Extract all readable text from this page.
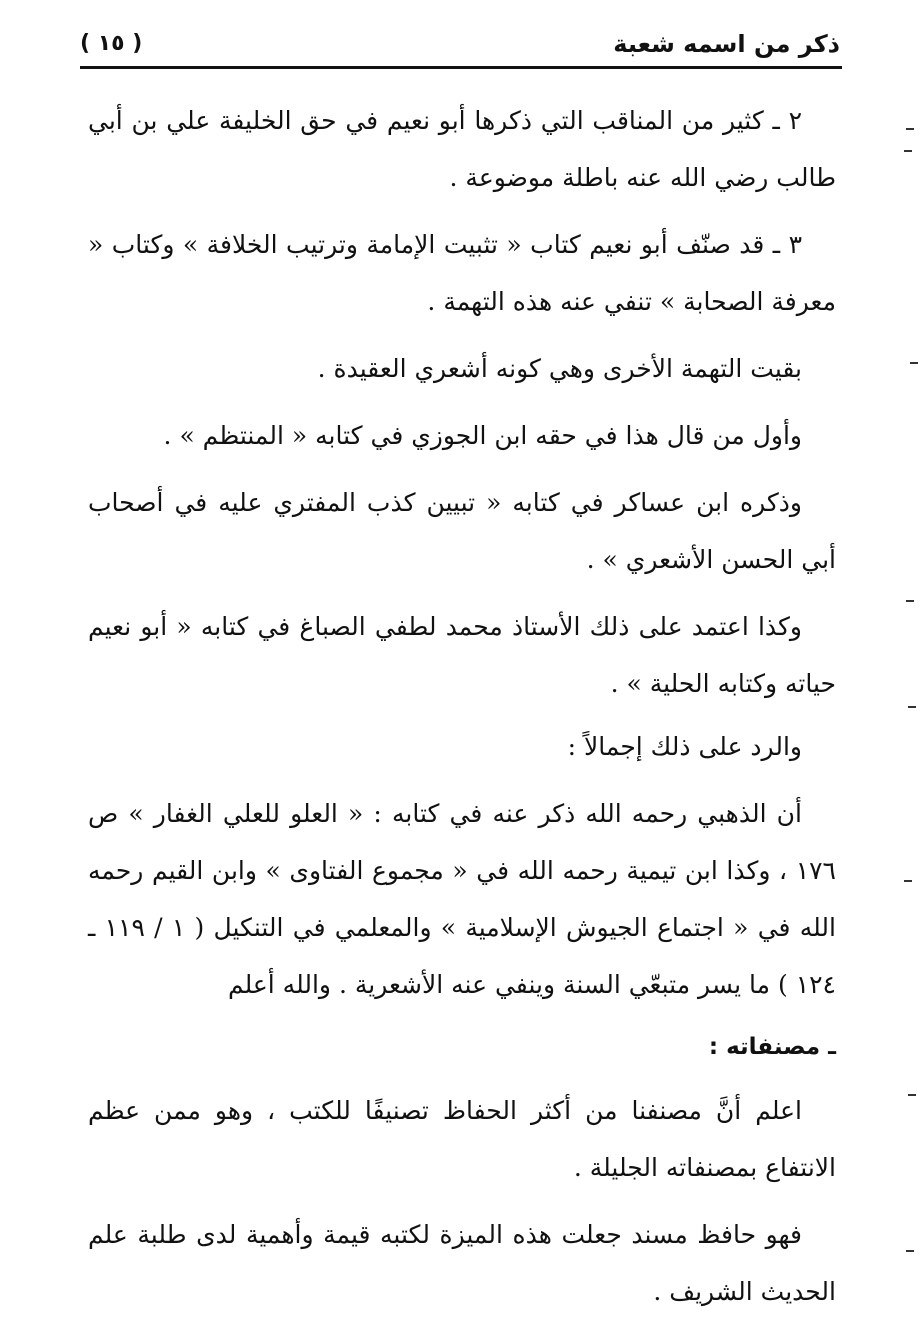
ذكر من اسمه شعبة
( ١٥ )

٢ ـ كثير من المناقب التي ذكرها أبو نعيم في حق الخليفة علي بن أبي طالب رضي الله عنه باطلة موضوعة .

٣ ـ قد صنّف أبو نعيم كتاب « تثبيت الإمامة وترتيب الخلافة » وكتاب « معرفة الصحابة » تنفي عنه هذه التهمة .

بقيت التهمة الأخرى وهي كونه أشعري العقيدة .

وأول من قال هذا في حقه ابن الجوزي في كتابه « المنتظم » .

وذكره ابن عساكر في كتابه « تبيين كذب المفتري عليه في أصحاب أبي الحسن الأشعري » .

وكذا اعتمد على ذلك الأستاذ محمد لطفي الصباغ في كتابه « أبو نعيم حياته وكتابه الحلية » .

والرد على ذلك إجمالاً :

أن الذهبي رحمه الله ذكر عنه في كتابه : « العلو للعلي الغفار » ص ١٧٦ ، وكذا ابن تيمية رحمه الله في « مجموع الفتاوى » وابن القيم رحمه الله في « اجتماع الجيوش الإسلامية » والمعلمي في التنكيل ( ١ / ١١٩ ـ ١٢٤ ) ما يسر متبعّي السنة وينفي عنه الأشعرية . والله أعلم

ـ مصنفاته :

اعلم أنَّ مصنفنا من أكثر الحفاظ تصنيفًا للكتب ، وهو ممن عظم الانتفاع بمصنفاته الجليلة .

فهو حافظ مسند جعلت هذه الميزة لكتبه قيمة وأهمية لدى طلبة علم الحديث الشريف .
